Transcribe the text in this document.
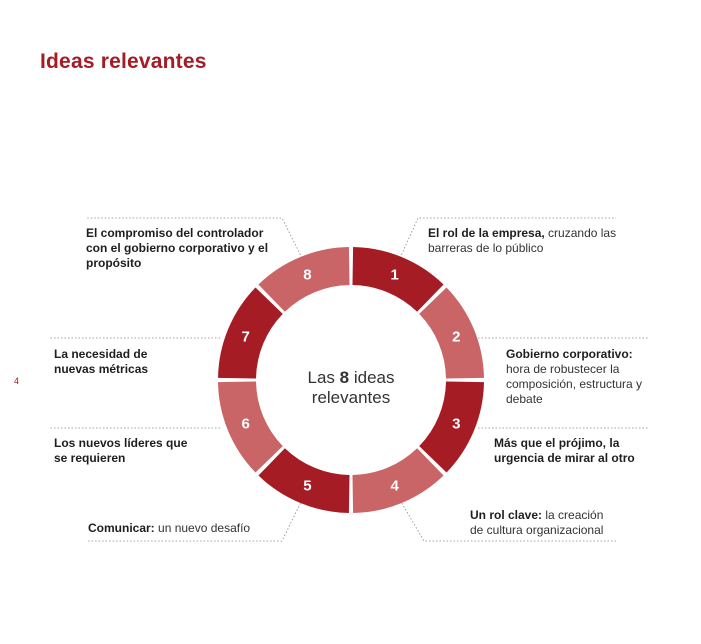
Ideas relevantes
4
1
2
3
4
5
6
7
8
Las 8 ideas
relevantes
El rol de la empresa, cruzando las barreras de lo público
Gobierno corporativo: hora de robustecer la composición, estructura y debate
Más que el prójimo, la urgencia de mirar al otro
Un rol clave: la creación de cultura organizacional
Comunicar: un nuevo desafío
Los nuevos líderes que se requieren
La necesidad de nuevas métricas
El compromiso del controlador con el gobierno corporativo y el propósito
